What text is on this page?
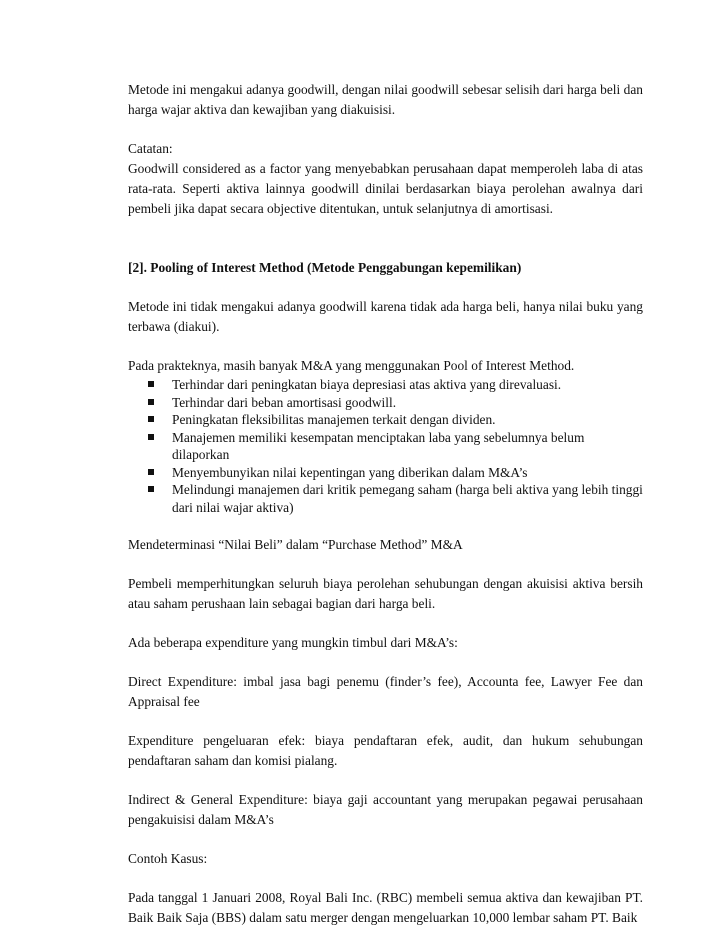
Metode ini mengakui adanya goodwill, dengan nilai goodwill sebesar selisih dari harga beli dan harga wajar aktiva dan kewajiban yang diakuisisi.

Catatan:
Goodwill considered as a factor yang menyebabkan perusahaan dapat memperoleh laba di atas rata-rata. Seperti aktiva lainnya goodwill dinilai berdasarkan biaya perolehan awalnya dari pembeli jika dapat secara objective ditentukan, untuk selanjutnya di amortisasi.

[2]. Pooling of Interest Method (Metode Penggabungan kepemilikan)

Metode ini tidak mengakui adanya goodwill karena tidak ada harga beli, hanya nilai buku yang terbawa (diakui).

Pada prakteknya, masih banyak M&A yang menggunakan Pool of Interest Method.

Terhindar dari peningkatan biaya depresiasi atas aktiva yang direvaluasi.
Terhindar dari beban amortisasi goodwill.
Peningkatan fleksibilitas manajemen terkait dengan dividen.
Manajemen memiliki kesempatan menciptakan laba yang sebelumnya belum dilaporkan
Menyembunyikan nilai kepentingan yang diberikan dalam M&A’s
Melindungi manajemen dari kritik pemegang saham (harga beli aktiva yang lebih tinggi dari nilai wajar aktiva)

Mendeterminasi “Nilai Beli” dalam “Purchase Method” M&A

Pembeli memperhitungkan seluruh biaya perolehan sehubungan dengan akuisisi aktiva bersih atau saham perushaan lain sebagai bagian dari harga beli.

Ada beberapa expenditure yang mungkin timbul dari M&A’s:

Direct Expenditure: imbal jasa bagi penemu (finder’s fee), Accounta fee, Lawyer Fee dan Appraisal fee

Expenditure pengeluaran efek: biaya pendaftaran efek, audit, dan hukum sehubungan pendaftaran saham dan komisi pialang.

Indirect & General Expenditure: biaya gaji accountant yang merupakan pegawai perusahaan pengakuisisi dalam M&A’s

Contoh Kasus:

Pada tanggal 1 Januari 2008, Royal Bali Inc. (RBC) membeli semua aktiva dan kewajiban PT. Baik Baik Saja (BBS) dalam satu merger dengan mengeluarkan 10,000 lembar saham PT. Baik
